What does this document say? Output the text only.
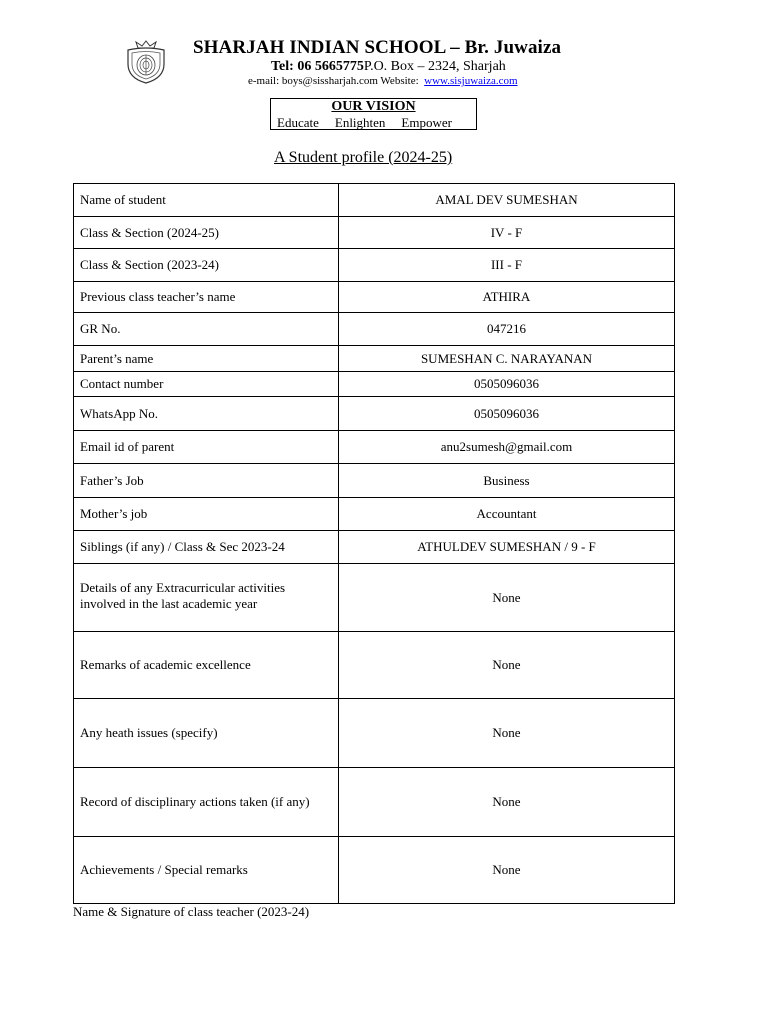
SHARJAH INDIAN SCHOOL – Br. Juwaiza
Tel: 06 5665775P.O. Box – 2324, Sharjah
e-mail: boys@sissharjah.com Website: www.sisjuwaiza.com
OUR VISION
Educate Enlighten Empower
A Student profile (2024-25)
Name of student	AMAL DEV SUMESHAN
Class & Section (2024-25)	IV - F
Class & Section (2023-24)	III - F
Previous class teacher’s name	ATHIRA
GR No.	047216
Parent’s name	SUMESHAN C. NARAYANAN
Contact number	0505096036
WhatsApp No.	0505096036
Email id of parent	anu2sumesh@gmail.com
Father’s Job	Business
Mother’s job	Accountant
Siblings (if any) / Class & Sec 2023-24	ATHULDEV SUMESHAN / 9 - F
Details of any Extracurricular activities involved in the last academic year	None
Remarks of academic excellence	None
Any heath issues (specify)	None
Record of disciplinary actions taken (if any)	None
Achievements / Special remarks	None
Name & Signature of class teacher (2023-24)
